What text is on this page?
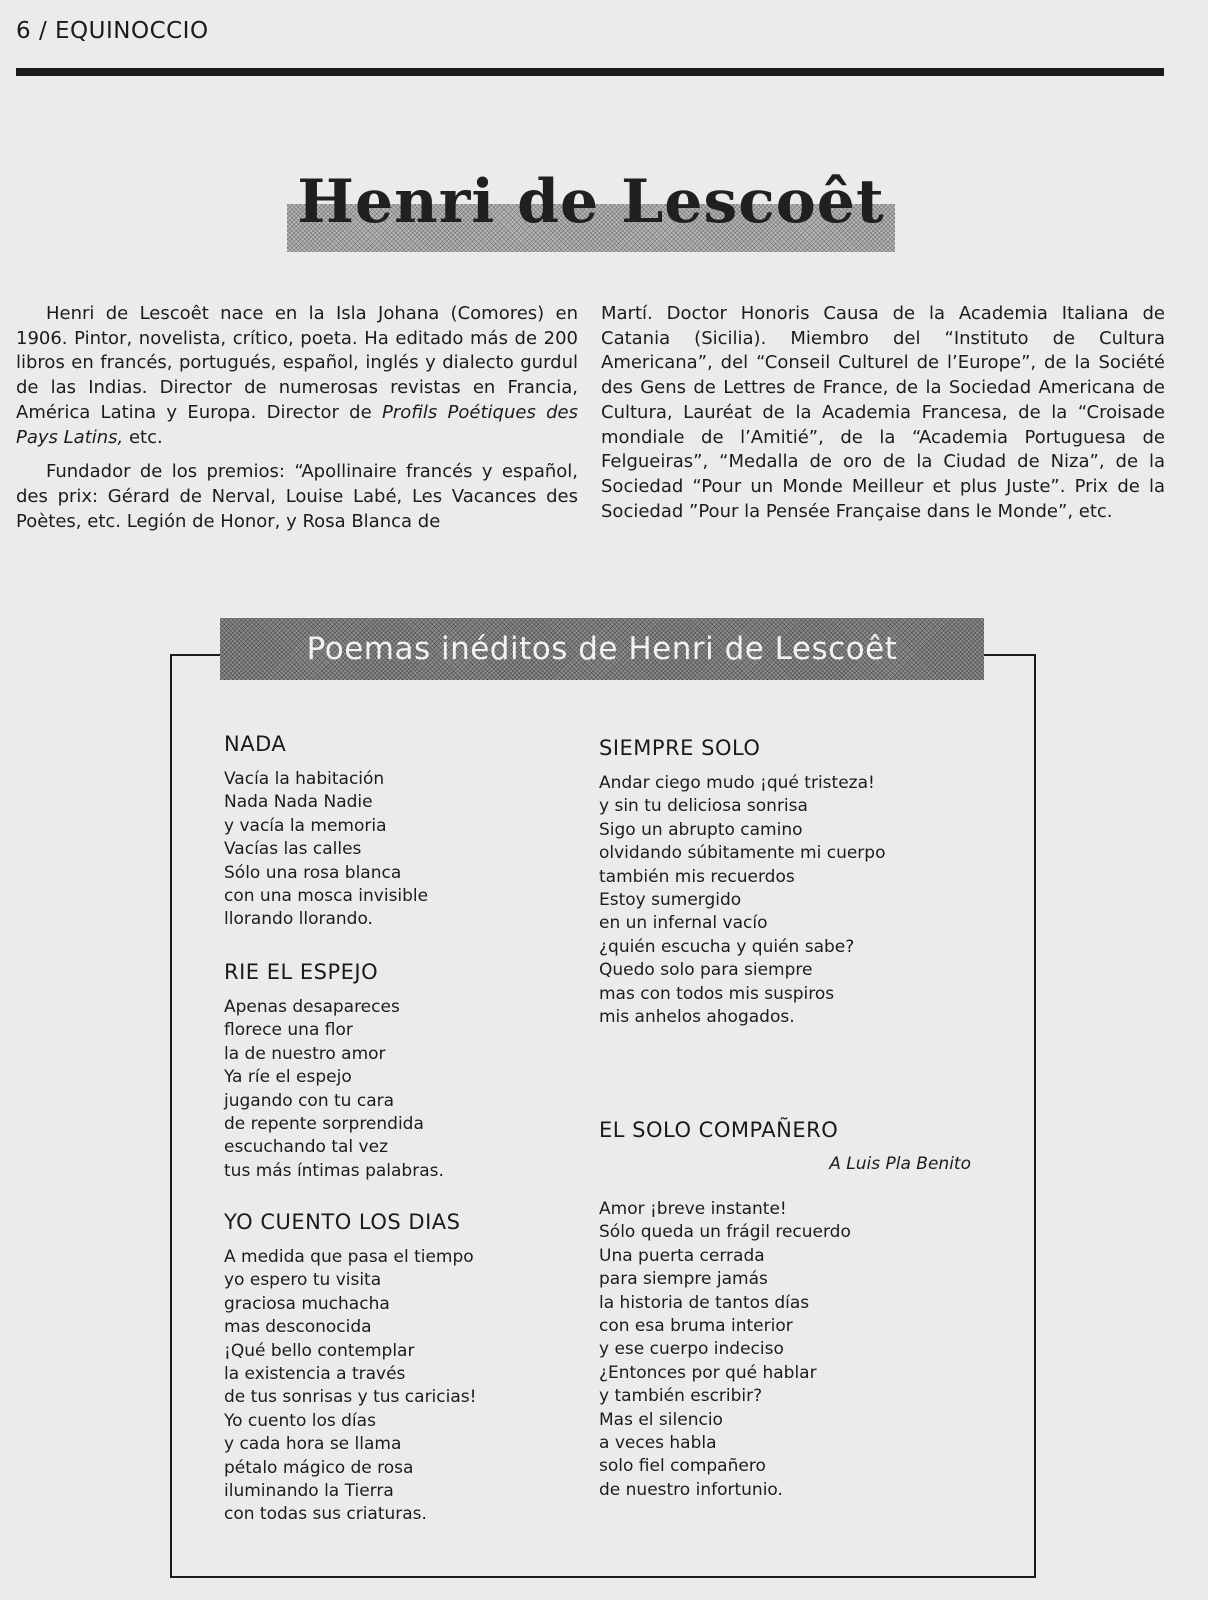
6 / EQUINOCCIO
Henri de Lescoêt

Henri de Lescoêt nace en la Isla Johana (Comores) en 1906. Pintor, novelista, crítico, poeta. Ha editado más de 200 libros en francés, portugués, español, inglés y dialecto gurdul de las Indias. Director de numerosas revistas en Francia, América Latina y Europa. Director de Profils Poétiques des Pays Latins, etc.

Fundador de los premios: “Apollinaire francés y español, des prix: Gérard de Nerval, Louise Labé, Les Vacances des Poètes, etc. Legión de Honor, y Rosa Blanca de

Martí. Doctor Honoris Causa de la Academia Italiana de Catania (Sicilia). Miembro del “Instituto de Cultura Americana”, del “Conseil Culturel de l’Europe”, de la Société des Gens de Lettres de France, de la Sociedad Americana de Cultura, Lauréat de la Academia Francesa, de la “Croisade mondiale de l’Amitié”, de la “Academia Portuguesa de Felgueiras”, “Medalla de oro de la Ciudad de Niza”, de la Sociedad “Pour un Monde Meilleur et plus Juste”. Prix de la Sociedad ”Pour la Pensée Française dans le Monde”, etc.

Poemas inéditos de Henri de Lescoêt
NADA
Vacía la habitación
Nada Nada Nadie
y vacía la memoria
Vacías las calles
Sólo una rosa blanca
con una mosca invisible
llorando llorando.
RIE EL ESPEJO
Apenas desapareces
florece una flor
la de nuestro amor
Ya ríe el espejo
jugando con tu cara
de repente sorprendida
escuchando tal vez
tus más íntimas palabras.
YO CUENTO LOS DIAS
A medida que pasa el tiempo
yo espero tu visita
graciosa muchacha
mas desconocida
¡Qué bello contemplar
la existencia a través
de tus sonrisas y tus caricias!
Yo cuento los días
y cada hora se llama
pétalo mágico de rosa
iluminando la Tierra
con todas sus criaturas.
SIEMPRE SOLO
Andar ciego mudo ¡qué tristeza!
y sin tu deliciosa sonrisa
Sigo un abrupto camino
olvidando súbitamente mi cuerpo
también mis recuerdos
Estoy sumergido
en un infernal vacío
¿quién escucha y quién sabe?
Quedo solo para siempre
mas con todos mis suspiros
mis anhelos ahogados.
EL SOLO COMPAÑERO
A Luis Pla Benito
Amor ¡breve instante!
Sólo queda un frágil recuerdo
Una puerta cerrada
para siempre jamás
la historia de tantos días
con esa bruma interior
y ese cuerpo indeciso
¿Entonces por qué hablar
y también escribir?
Mas el silencio
a veces habla
solo fiel compañero
de nuestro infortunio.
